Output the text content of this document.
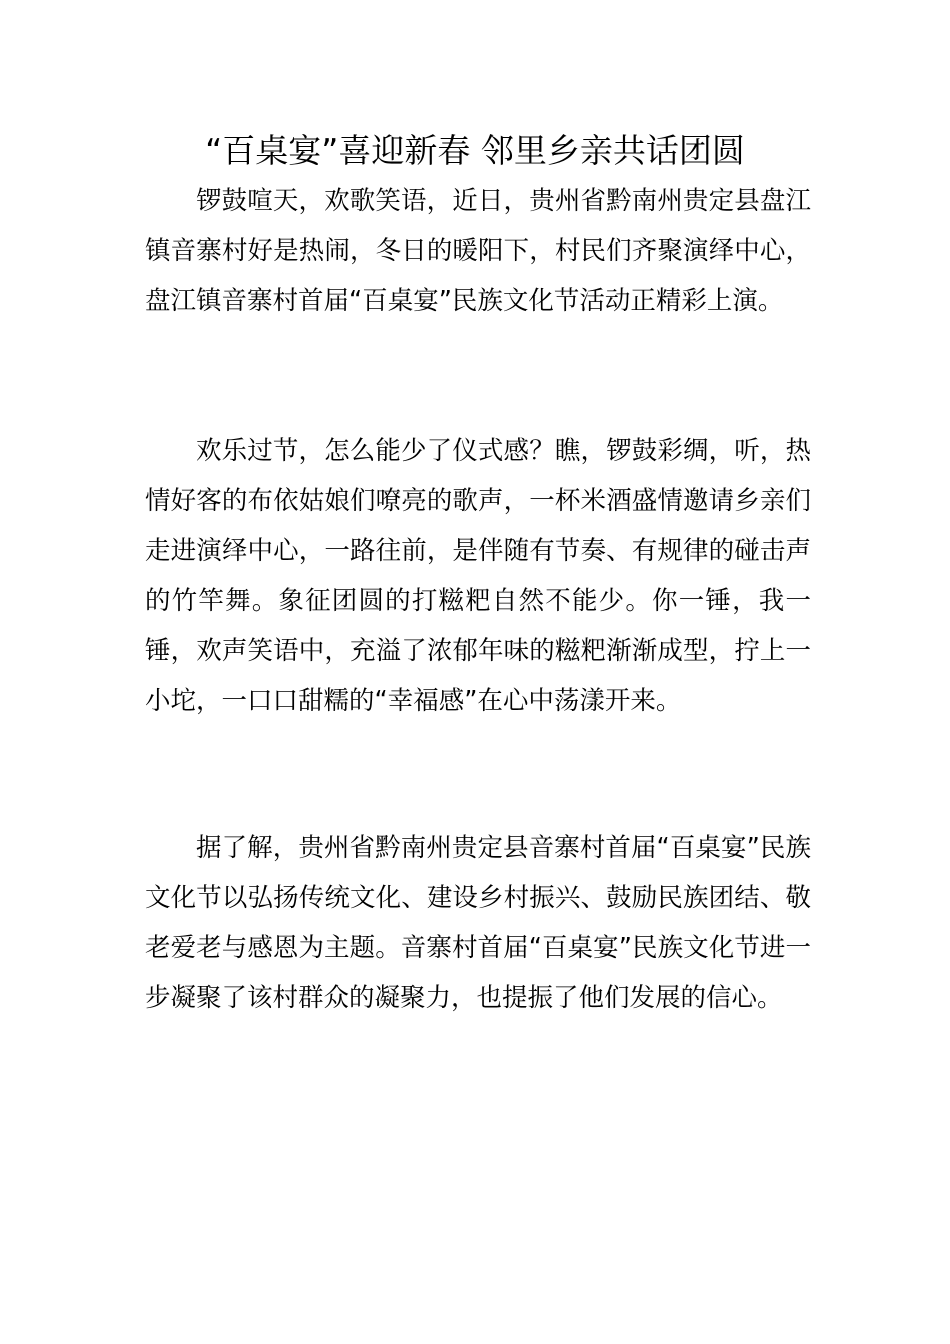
“百桌宴”喜迎新春 邻里乡亲共话团圆

锣鼓喧天，欢歌笑语，近日，贵州省黔南州贵定县盘江镇音寨村好是热闹，冬日的暖阳下，村民们齐聚演绎中心，盘江镇音寨村首届“百桌宴”民族文化节活动正精彩上演。

欢乐过节，怎么能少了仪式感？瞧，锣鼓彩绸，听，热情好客的布依姑娘们嘹亮的歌声，一杯米酒盛情邀请乡亲们走进演绎中心，一路往前，是伴随有节奏、有规律的碰击声的竹竿舞。象征团圆的打糍粑自然不能少。你一锤，我一锤，欢声笑语中，充溢了浓郁年味的糍粑渐渐成型，拧上一小坨，一口口甜糯的“幸福感”在心中荡漾开来。

据了解，贵州省黔南州贵定县音寨村首届“百桌宴”民族文化节以弘扬传统文化、建设乡村振兴、鼓励民族团结、敬老爱老与感恩为主题。音寨村首届“百桌宴”民族文化节进一步凝聚了该村群众的凝聚力，也提振了他们发展的信心。
